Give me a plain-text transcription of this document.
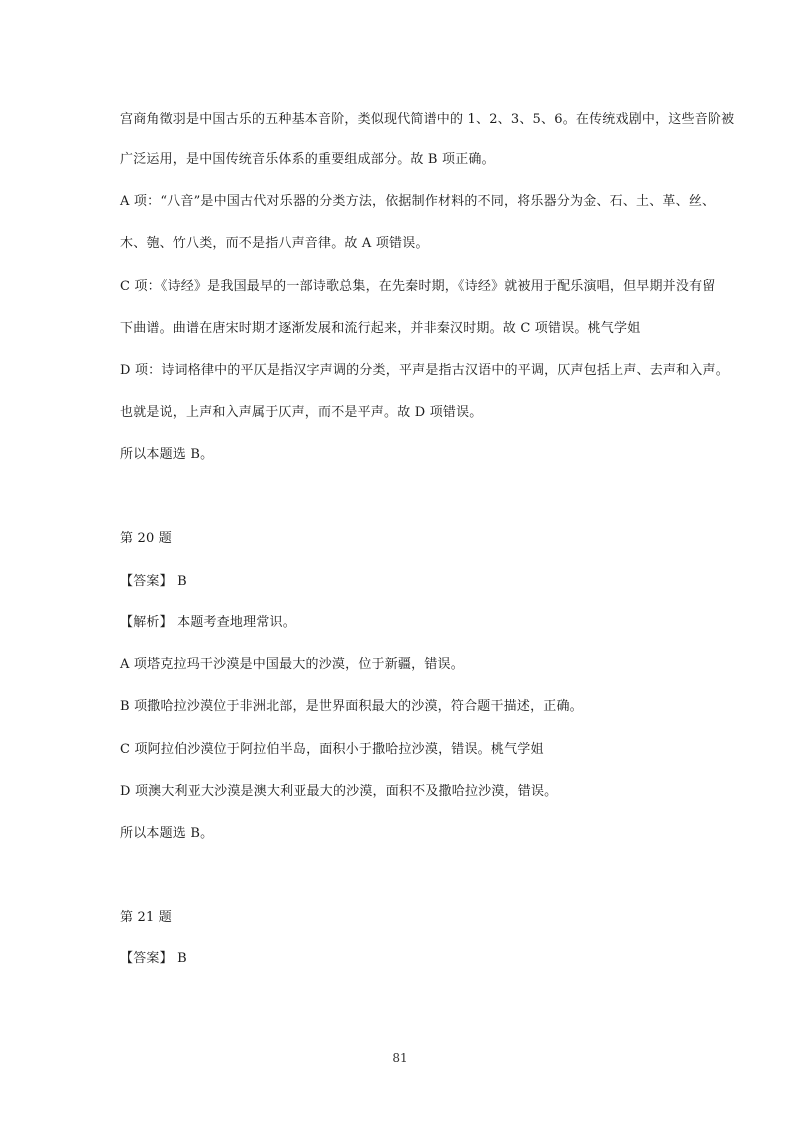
宫商角徵羽是中国古乐的五种基本音阶，类似现代简谱中的 1、2、3、5、6。在传统戏剧中，这些音阶被
广泛运用，是中国传统音乐体系的重要组成部分。故 B 项正确。
A 项：“八音”是中国古代对乐器的分类方法，依据制作材料的不同，将乐器分为金、石、土、革、丝、
木、匏、竹八类，而不是指八声音律。故 A 项错误。
C 项：《诗经》是我国最早的一部诗歌总集，在先秦时期，《诗经》就被用于配乐演唱，但早期并没有留
下曲谱。曲谱在唐宋时期才逐渐发展和流行起来，并非秦汉时期。故 C 项错误。桃气学姐
D 项：诗词格律中的平仄是指汉字声调的分类，平声是指古汉语中的平调，仄声包括上声、去声和入声。
也就是说，上声和入声属于仄声，而不是平声。故 D 项错误。
所以本题选 B。
第 20 题
【答案】 B
【解析】 本题考查地理常识。
A 项塔克拉玛干沙漠是中国最大的沙漠，位于新疆，错误。
B 项撒哈拉沙漠位于非洲北部，是世界面积最大的沙漠，符合题干描述，正确。
C 项阿拉伯沙漠位于阿拉伯半岛，面积小于撒哈拉沙漠，错误。桃气学姐
D 项澳大利亚大沙漠是澳大利亚最大的沙漠，面积不及撒哈拉沙漠，错误。
所以本题选 B。
第 21 题
【答案】 B
81
